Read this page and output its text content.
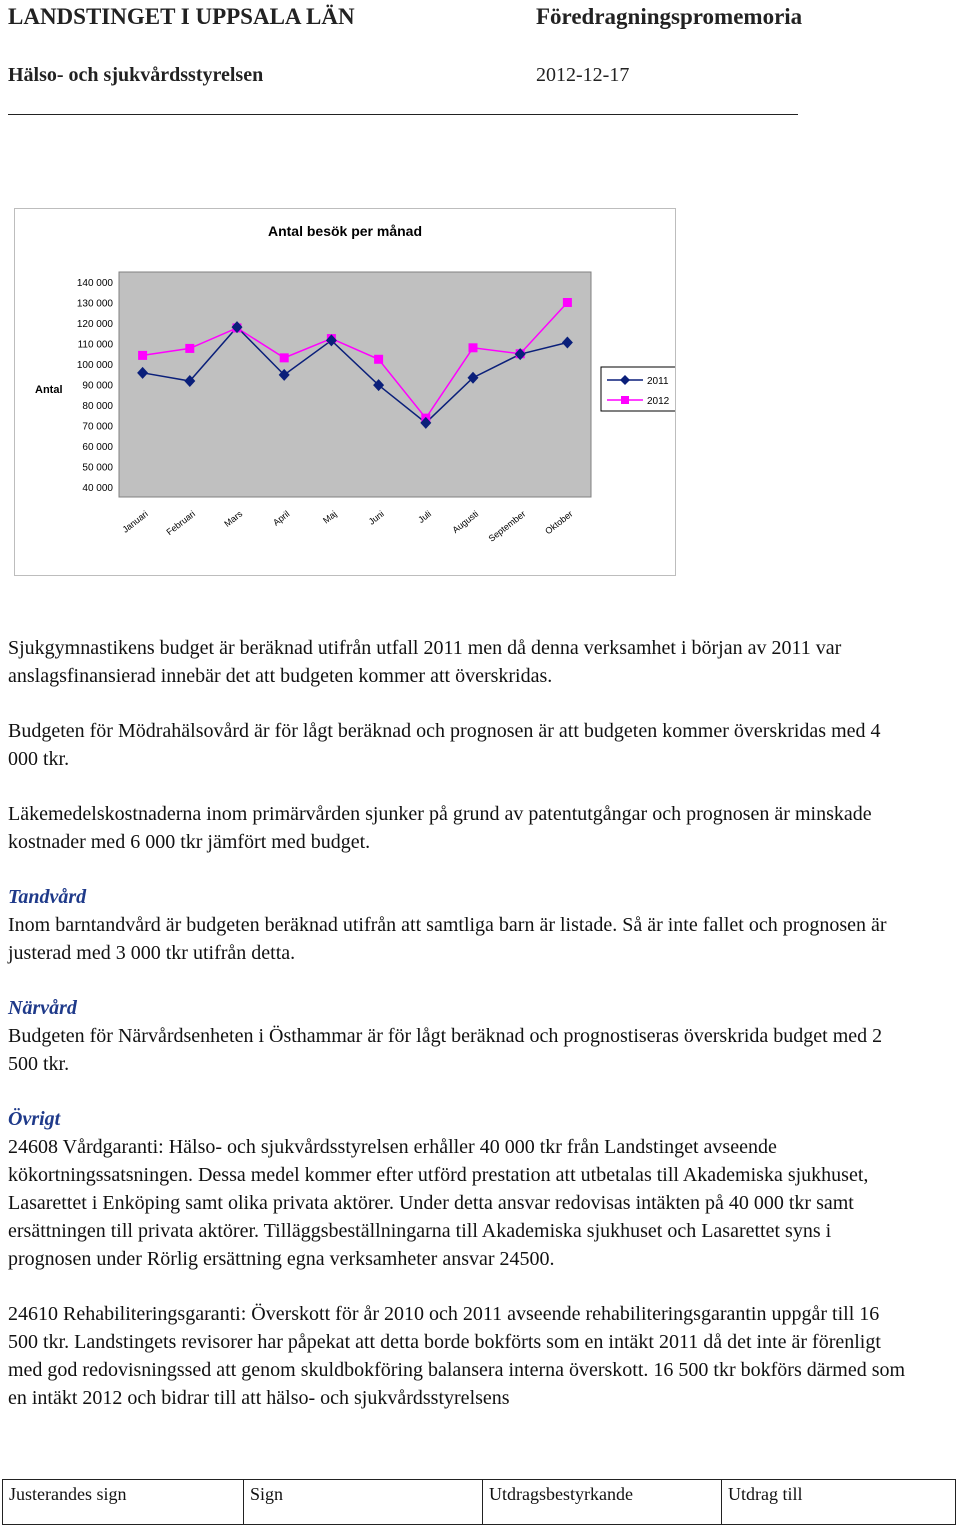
LANDSTINGET I UPPSALA LÄN	Föredragningspromemoria
Hälso- och sjukvårdsstyrelsen	2012-12-17
Antal besök per månad
Antal
140 000
130 000
120 000
110 000
100 000
90 000
80 000
70 000
60 000
50 000
40 000
Januari Februari	Mars	April	Maj	Juni	Juli Augusti September Oktober
2011
2012

Sjukgymnastikens budget är beräknad utifrån utfall 2011 men då denna verksamhet i början av 2011 var anslagsfinansierad innebär det att budgeten kommer att överskridas.

Budgeten för Mödrahälsovård är för lågt beräknad och prognosen är att budgeten kommer överskridas med 4 000 tkr.

Läkemedelskostnaderna inom primärvården sjunker på grund av patentutgångar och prognosen är minskade kostnader med 6 000 tkr jämfört med budget.

Tandvård
Inom barntandvård är budgeten beräknad utifrån att samtliga barn är listade. Så är inte fallet och prognosen är justerad med 3 000 tkr utifrån detta.

Närvård
Budgeten för Närvårdsenheten i Östhammar är för lågt beräknad och prognostiseras överskrida budget med 2 500 tkr.

Övrigt
24608 Vårdgaranti: Hälso- och sjukvårdsstyrelsen erhåller 40 000 tkr från Landstinget avseende kökortningssatsningen. Dessa medel kommer efter utförd prestation att utbetalas till Akademiska sjukhuset, Lasarettet i Enköping samt olika privata aktörer. Under detta ansvar redovisas intäkten på 40 000 tkr samt ersättningen till privata aktörer. Tilläggsbeställningarna till Akademiska sjukhuset och Lasarettet syns i prognosen under Rörlig ersättning egna verksamheter ansvar 24500.

24610 Rehabiliteringsgaranti: Överskott för år 2010 och 2011 avseende rehabiliteringsgarantin uppgår till 16 500 tkr. Landstingets revisorer har påpekat att detta borde bokförts som en intäkt 2011 då det inte är förenligt med god redovisningssed att genom skuldbokföring balansera interna överskott. 16 500 tkr bokförs därmed som en intäkt 2012 och bidrar till att hälso- och sjukvårdsstyrelsens

Justerandes sign	Sign	Utdragsbestyrkande	Utdrag till
